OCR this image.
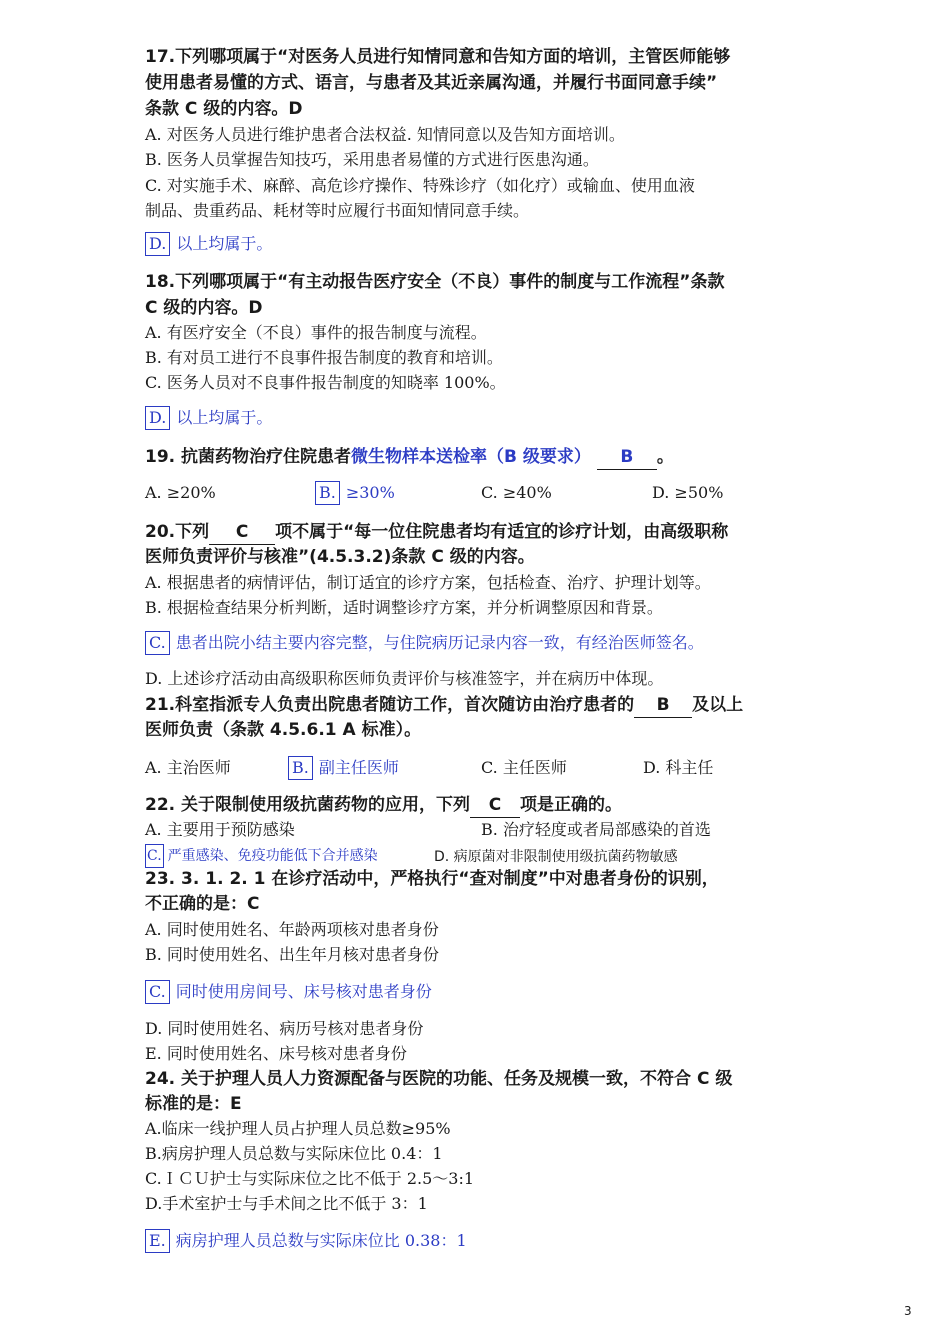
17.下列哪项属于“对医务人员进行知情同意和告知方面的培训，主管医师能够
使用患者易懂的方式、语言，与患者及其近亲属沟通，并履行书面同意手续”
条款 C 级的内容。D
A. 对医务人员进行维护患者合法权益. 知情同意以及告知方面培训。
B. 医务人员掌握告知技巧，采用患者易懂的方式进行医患沟通。
C. 对实施手术、麻醉、高危诊疗操作、特殊诊疗（如化疗）或输血、使用血液
制品、贵重药品、耗材等时应履行书面知情同意手续。
D. 以上均属于。
18.下列哪项属于“有主动报告医疗安全（不良）事件的制度与工作流程”条款
C 级的内容。D
A. 有医疗安全（不良）事件的报告制度与流程。
B. 有对员工进行不良事件报告制度的教育和培训。
C. 医务人员对不良事件报告制度的知晓率 100%。
D. 以上均属于。
19. 抗菌药物治疗住院患者微生物样本送检率（B 级要求） B 。
A. ≥20%	B. ≥30%	C. ≥40%	D. ≥50%
20.下列 C 项不属于“每一位住院患者均有适宜的诊疗计划，由高级职称
医师负责评价与核准”(4.5.3.2)条款 C 级的内容。
A. 根据患者的病情评估，制订适宜的诊疗方案，包括检查、治疗、护理计划等。
B. 根据检查结果分析判断，适时调整诊疗方案，并分析调整原因和背景。
C. 患者出院小结主要内容完整，与住院病历记录内容一致，有经治医师签名。
D. 上述诊疗活动由高级职称医师负责评价与核准签字，并在病历中体现。
21.科室指派专人负责出院患者随访工作，首次随访由治疗患者的 B 及以上
医师负责（条款 4.5.6.1 A 标准）。
A. 主治医师	B. 副主任医师	C. 主任医师	D. 科主任
22. 关于限制使用级抗菌药物的应用，下列 C 项是正确的。
A. 主要用于预防感染	B. 治疗轻度或者局部感染的首选
C. 严重感染、免疫功能低下合并感染	D. 病原菌对非限制使用级抗菌药物敏感
23. 3. 1. 2. 1 在诊疗活动中，严格执行“查对制度”中对患者身份的识别，
不正确的是：C
A. 同时使用姓名、年龄两项核对患者身份
B. 同时使用姓名、出生年月核对患者身份
C. 同时使用房间号、床号核对患者身份
D. 同时使用姓名、病历号核对患者身份
E. 同时使用姓名、床号核对患者身份
24. 关于护理人员人力资源配备与医院的功能、任务及规模一致，不符合 C 级
标准的是：E
A.临床一线护理人员占护理人员总数≥95%
B.病房护理人员总数与实际床位比 0.4：1
C.ＩＣＵ护士与实际床位之比不低于 2.5～3:1
D.手术室护士与手术间之比不低于 3：1
E. 病房护理人员总数与实际床位比 0.38：1
3
